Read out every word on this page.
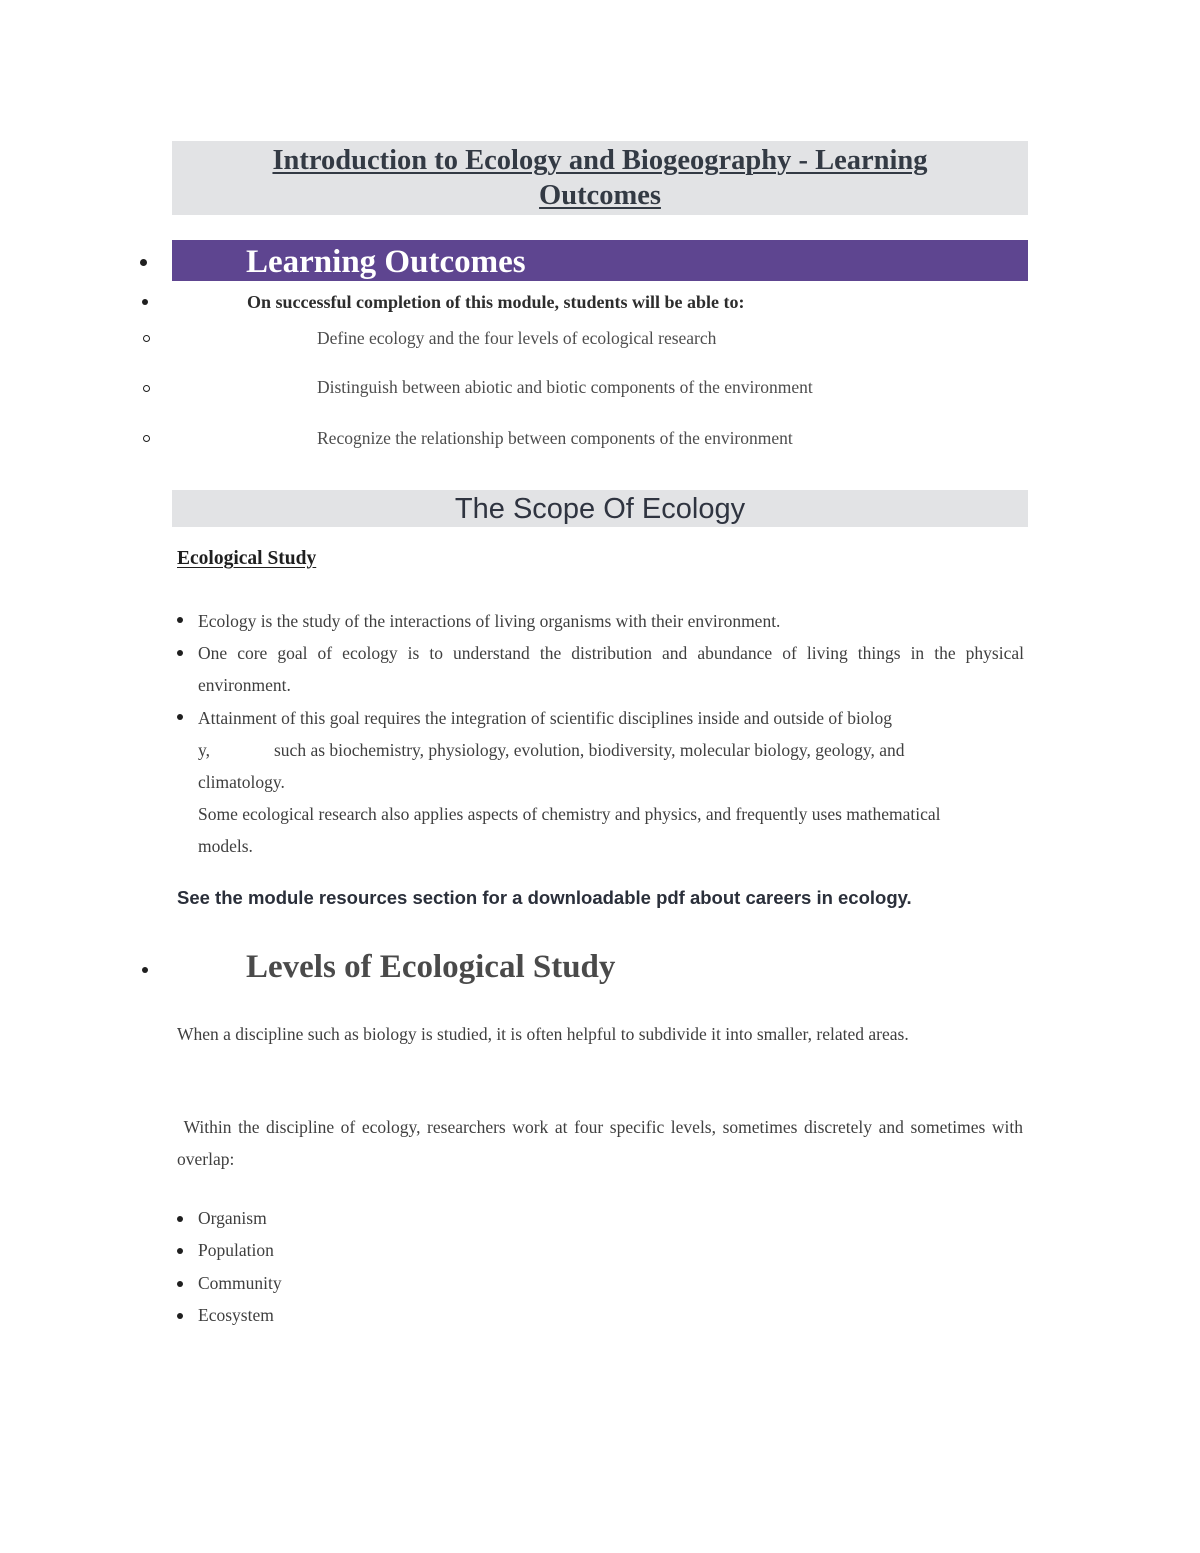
Introduction to Ecology and Biogeography - Learning
Outcomes
Learning Outcomes
On successful completion of this module, students will be able to:
Define ecology and the four levels of ecological research
Distinguish between abiotic and biotic components of the environment
Recognize the relationship between components of the environment
The Scope Of Ecology
Ecological Study
Ecology is the study of the interactions of living organisms with their environment.
One core goal of ecology is to understand the distribution and abundance of living things in the physical environment.
Attainment of this goal requires the integration of scientific disciplines inside and outside of biolog
y,	such as biochemistry, physiology, evolution, biodiversity, molecular biology, geology, and
climatology.
Some ecological research also applies aspects of chemistry and physics, and frequently uses mathematical models.
See the module resources section for a downloadable pdf about careers in ecology.
Levels of Ecological Study
When a discipline such as biology is studied, it is often helpful to subdivide it into smaller, related areas.
Within the discipline of ecology, researchers work at four specific levels, sometimes discretely and sometimes with overlap:
Organism
Population
Community
Ecosystem
